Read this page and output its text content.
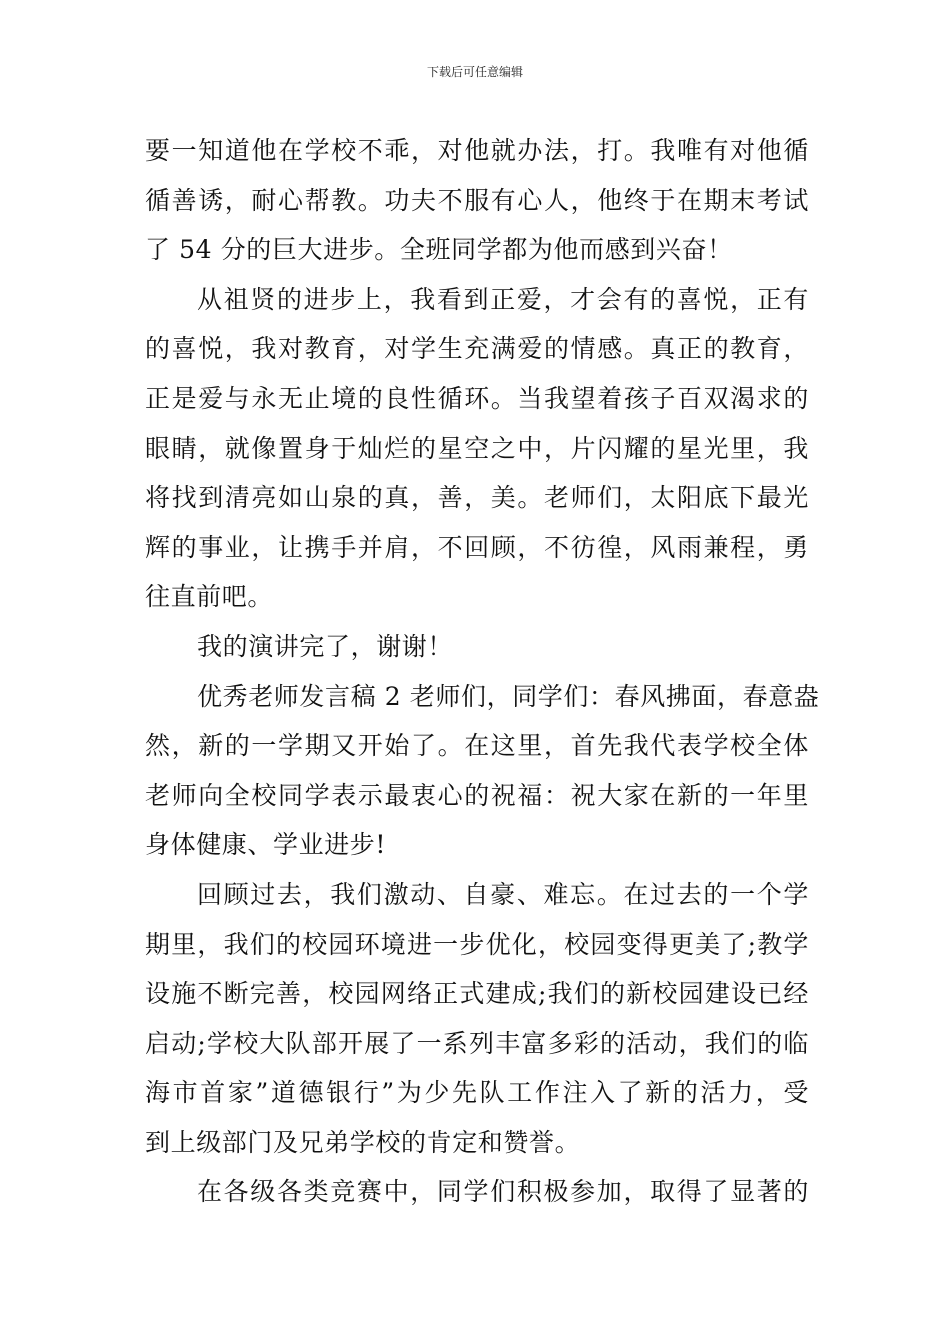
下载后可任意编辑
要一知道他在学校不乖，对他就办法，打。我唯有对他循
循善诱，耐心帮教。功夫不服有心人，他终于在期末考试
了 54 分的巨大进步。全班同学都为他而感到兴奋！
从祖贤的进步上，我看到正爱，才会有的喜悦，正有
的喜悦，我对教育，对学生充满爱的情感。真正的教育，
正是爱与永无止境的良性循环。当我望着孩子百双渴求的
眼睛，就像置身于灿烂的星空之中，片闪耀的星光里，我
将找到清亮如山泉的真，善，美。老师们，太阳底下最光
辉的事业，让携手并肩，不回顾，不彷徨，风雨兼程，勇
往直前吧。
我的演讲完了，谢谢！
优秀老师发言稿 2 老师们，同学们：春风拂面，春意盎
然，新的一学期又开始了。在这里，首先我代表学校全体
老师向全校同学表示最衷心的祝福：祝大家在新的一年里
身体健康、学业进步!
回顾过去，我们激动、自豪、难忘。在过去的一个学
期里，我们的校园环境进一步优化，校园变得更美了;教学
设施不断完善，校园网络正式建成;我们的新校园建设已经
启动;学校大队部开展了一系列丰富多彩的活动，我们的临
海市首家”道德银行”为少先队工作注入了新的活力，受
到上级部门及兄弟学校的肯定和赞誉。
在各级各类竞赛中，同学们积极参加，取得了显著的
